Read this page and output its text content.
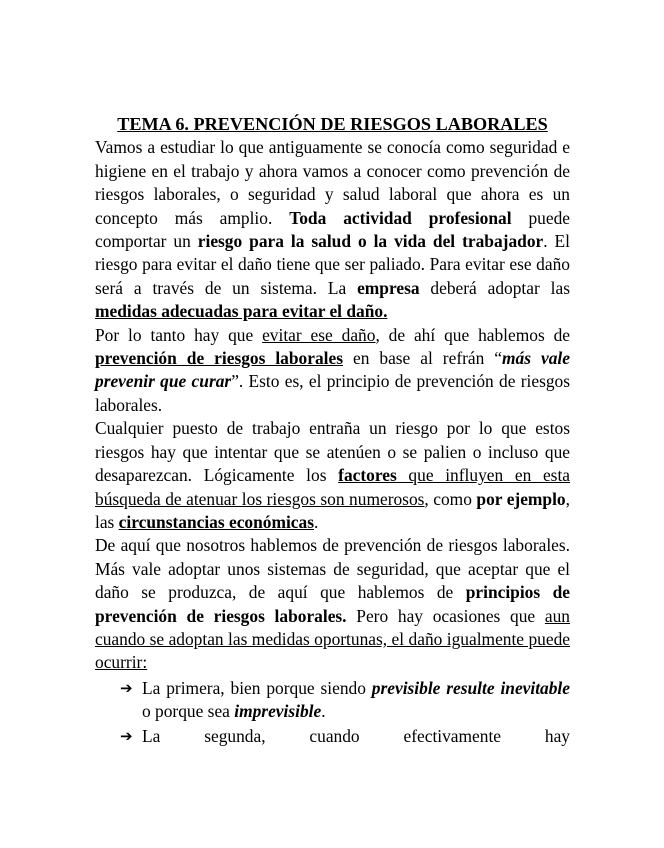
TEMA 6. PREVENCIÓN DE RIESGOS LABORALES

Vamos a estudiar lo que antiguamente se conocía como seguridad e higiene en el trabajo y ahora vamos a conocer como prevención de riesgos laborales, o seguridad y salud laboral que ahora es un concepto más amplio. Toda actividad profesional puede comportar un riesgo para la salud o la vida del trabajador. El riesgo para evitar el daño tiene que ser paliado. Para evitar ese daño será a través de un sistema. La empresa deberá adoptar las medidas adecuadas para evitar el daño.

Por lo tanto hay que evitar ese daño, de ahí que hablemos de prevención de riesgos laborales en base al refrán “más vale prevenir que curar”. Esto es, el principio de prevención de riesgos laborales.

Cualquier puesto de trabajo entraña un riesgo por lo que estos riesgos hay que intentar que se atenúen o se palien o incluso que desaparezcan. Lógicamente los factores que influyen en esta búsqueda de atenuar los riesgos son numerosos, como por ejemplo, las circunstancias económicas.

De aquí que nosotros hablemos de prevención de riesgos laborales. Más vale adoptar unos sistemas de seguridad, que aceptar que el daño se produzca, de aquí que hablemos de principios de prevención de riesgos laborales. Pero hay ocasiones que aun cuando se adoptan las medidas oportunas, el daño igualmente puede ocurrir:

➔ La primera, bien porque siendo previsible resulte inevitable o porque sea imprevisible.
➔ La segunda, cuando efectivamente hay
